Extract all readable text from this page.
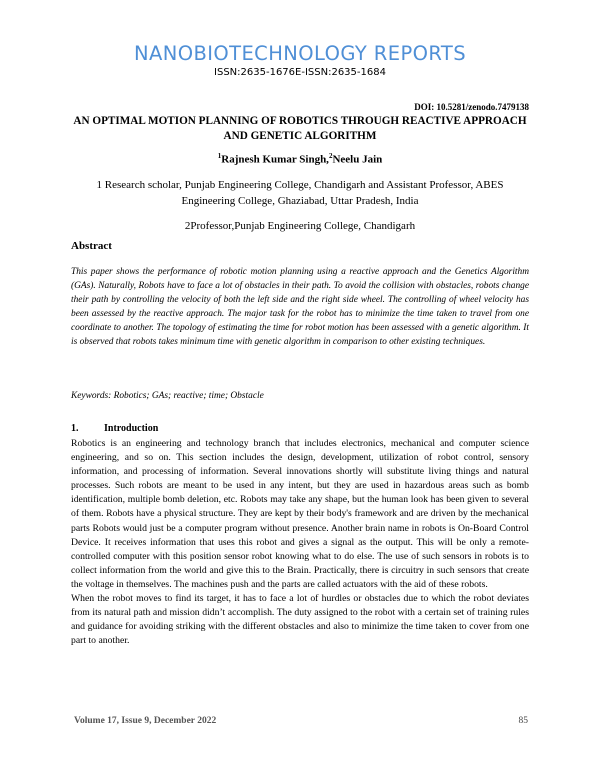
NANOBIOTECHNOLOGY REPORTS
ISSN:2635-1676E-ISSN:2635-1684
DOI: 10.5281/zenodo.7479138
AN OPTIMAL MOTION PLANNING OF ROBOTICS THROUGH REACTIVE APPROACH AND GENETIC ALGORITHM
$^1$Rajnesh Kumar Singh,$^2$Neelu Jain
1 Research scholar, Punjab Engineering College, Chandigarh and Assistant Professor, ABES Engineering College, Ghaziabad, Uttar Pradesh, India
2Professor,Punjab Engineering College, Chandigarh
Abstract
This paper shows the performance of robotic motion planning using a reactive approach and the Genetics Algorithm (GAs). Naturally, Robots have to face a lot of obstacles in their path. To avoid the collision with obstacles, robots change their path by controlling the velocity of both the left side and the right side wheel. The controlling of wheel velocity has been assessed by the reactive approach. The major task for the robot has to minimize the time taken to travel from one coordinate to another. The topology of estimating the time for robot motion has been assessed with a genetic algorithm. It is observed that robots takes minimum time with genetic algorithm in comparison to other existing techniques.
Keywords: Robotics; GAs; reactive; time; Obstacle
1.	Introduction

Robotics is an engineering and technology branch that includes electronics, mechanical and computer science engineering, and so on. This section includes the design, development, utilization of robot control, sensory information, and processing of information. Several innovations shortly will substitute living things and natural processes. Such robots are meant to be used in any intent, but they are used in hazardous areas such as bomb identification, multiple bomb deletion, etc. Robots may take any shape, but the human look has been given to several of them. Robots have a physical structure. They are kept by their body's framework and are driven by the mechanical parts Robots would just be a computer program without presence. Another brain name in robots is On-Board Control Device. It receives information that uses this robot and gives a signal as the output. This will be only a remote-controlled computer with this position sensor robot knowing what to do else. The use of such sensors in robots is to collect information from the world and give this to the Brain. Practically, there is circuitry in such sensors that create the voltage in themselves. The machines push and the parts are called actuators with the aid of these robots.

When the robot moves to find its target, it has to face a lot of hurdles or obstacles due to which the robot deviates from its natural path and mission didn’t accomplish. The duty assigned to the robot with a certain set of training rules and guidance for avoiding striking with the different obstacles and also to minimize the time taken to cover from one part to another.

Volume 17, Issue 9, December 2022	85
